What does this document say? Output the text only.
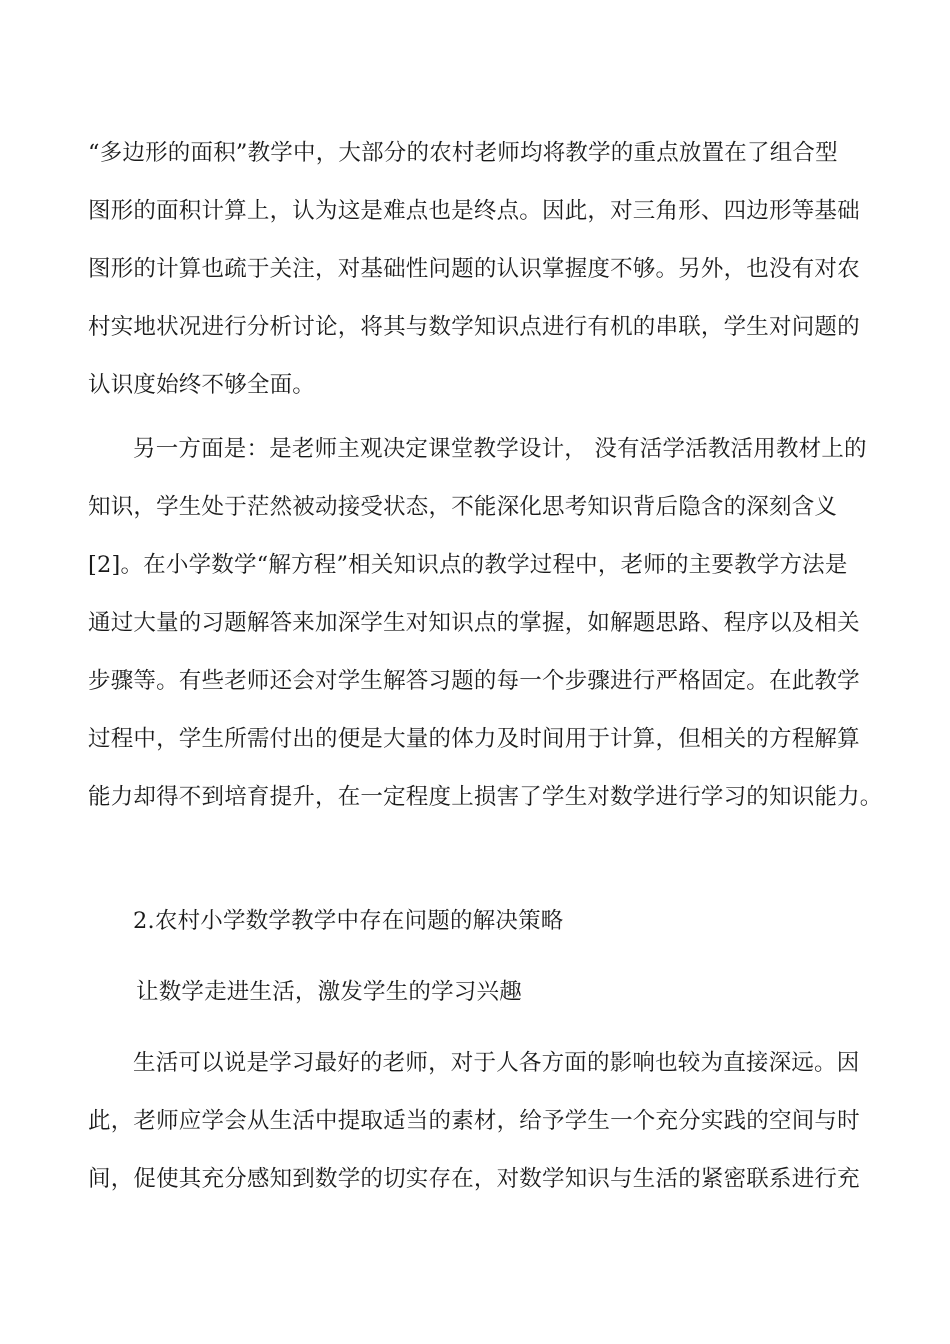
“多边形的面积”教学中，大部分的农村老师均将教学的重点放置在了组合型
图形的面积计算上，认为这是难点也是终点。因此，对三角形、四边形等基础
图形的计算也疏于关注，对基础性问题的认识掌握度不够。另外，也没有对农
村实地状况进行分析讨论，将其与数学知识点进行有机的串联，学生对问题的
认识度始终不够全面。
另一方面是：是老师主观决定课堂教学设计， 没有活学活教活用教材上的
知识，学生处于茫然被动接受状态，不能深化思考知识背后隐含的深刻含义
[2]。在小学数学“解方程”相关知识点的教学过程中，老师的主要教学方法是
通过大量的习题解答来加深学生对知识点的掌握，如解题思路、程序以及相关
步骤等。有些老师还会对学生解答习题的每一个步骤进行严格固定。在此教学
过程中，学生所需付出的便是大量的体力及时间用于计算，但相关的方程解算
能力却得不到培育提升，在一定程度上损害了学生对数学进行学习的知识能力。
2.农村小学数学教学中存在问题的解决策略
让数学走进生活，激发学生的学习兴趣
生活可以说是学习最好的老师，对于人各方面的影响也较为直接深远。因
此，老师应学会从生活中提取适当的素材，给予学生一个充分实践的空间与时
间，促使其充分感知到数学的切实存在，对数学知识与生活的紧密联系进行充
